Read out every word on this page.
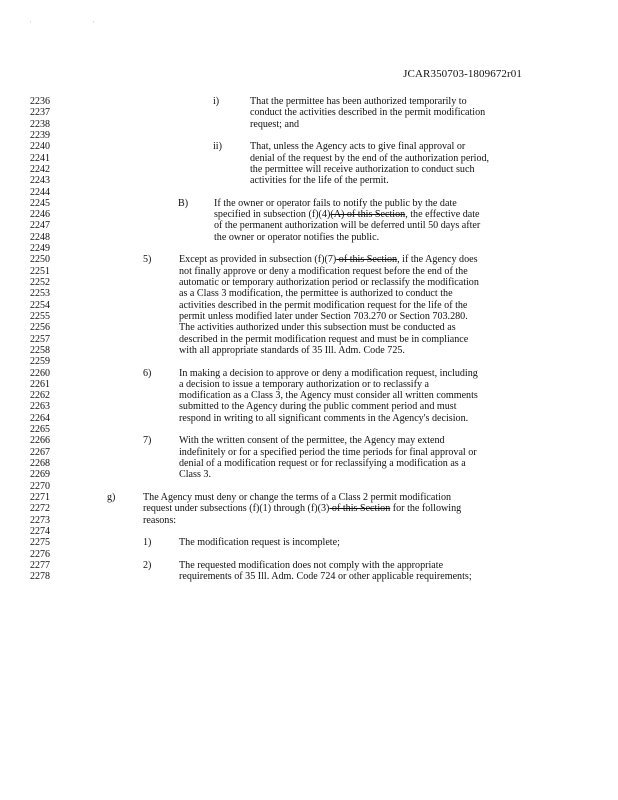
' '
JCAR350703-1809672r01
2236	i)	That the permittee has been authorized temporarily to
2237	conduct the activities described in the permit modification
2238	request; and
2239
2240	ii)	That, unless the Agency acts to give final approval or
2241	denial of the request by the end of the authorization period,
2242	the permittee will receive authorization to conduct such
2243	activities for the life of the permit.
2244
2245	B)	If the owner or operator fails to notify the public by the date
2246	specified in subsection (f)(4)(A) of this Section, the effective date
2247	of the permanent authorization will be deferred until 50 days after
2248	the owner or operator notifies the public.
2249
2250	5)	Except as provided in subsection (f)(7) of this Section, if the Agency does
2251	not finally approve or deny a modification request before the end of the
2252	automatic or temporary authorization period or reclassify the modification
2253	as a Class 3 modification, the permittee is authorized to conduct the
2254	activities described in the permit modification request for the life of the
2255	permit unless modified later under Section 703.270 or Section 703.280.
2256	The activities authorized under this subsection must be conducted as
2257	described in the permit modification request and must be in compliance
2258	with all appropriate standards of 35 Ill. Adm. Code 725.
2259
2260	6)	In making a decision to approve or deny a modification request, including
2261	a decision to issue a temporary authorization or to reclassify a
2262	modification as a Class 3, the Agency must consider all written comments
2263	submitted to the Agency during the public comment period and must
2264	respond in writing to all significant comments in the Agency's decision.
2265
2266	7)	With the written consent of the permittee, the Agency may extend
2267	indefinitely or for a specified period the time periods for final approval or
2268	denial of a modification request or for reclassifying a modification as a
2269	Class 3.
2270
2271	g)	The Agency must deny or change the terms of a Class 2 permit modification
2272	request under subsections (f)(1) through (f)(3) of this Section for the following
2273	reasons:
2274
2275	1)	The modification request is incomplete;
2276
2277	2)	The requested modification does not comply with the appropriate
2278	requirements of 35 Ill. Adm. Code 724 or other applicable requirements;
